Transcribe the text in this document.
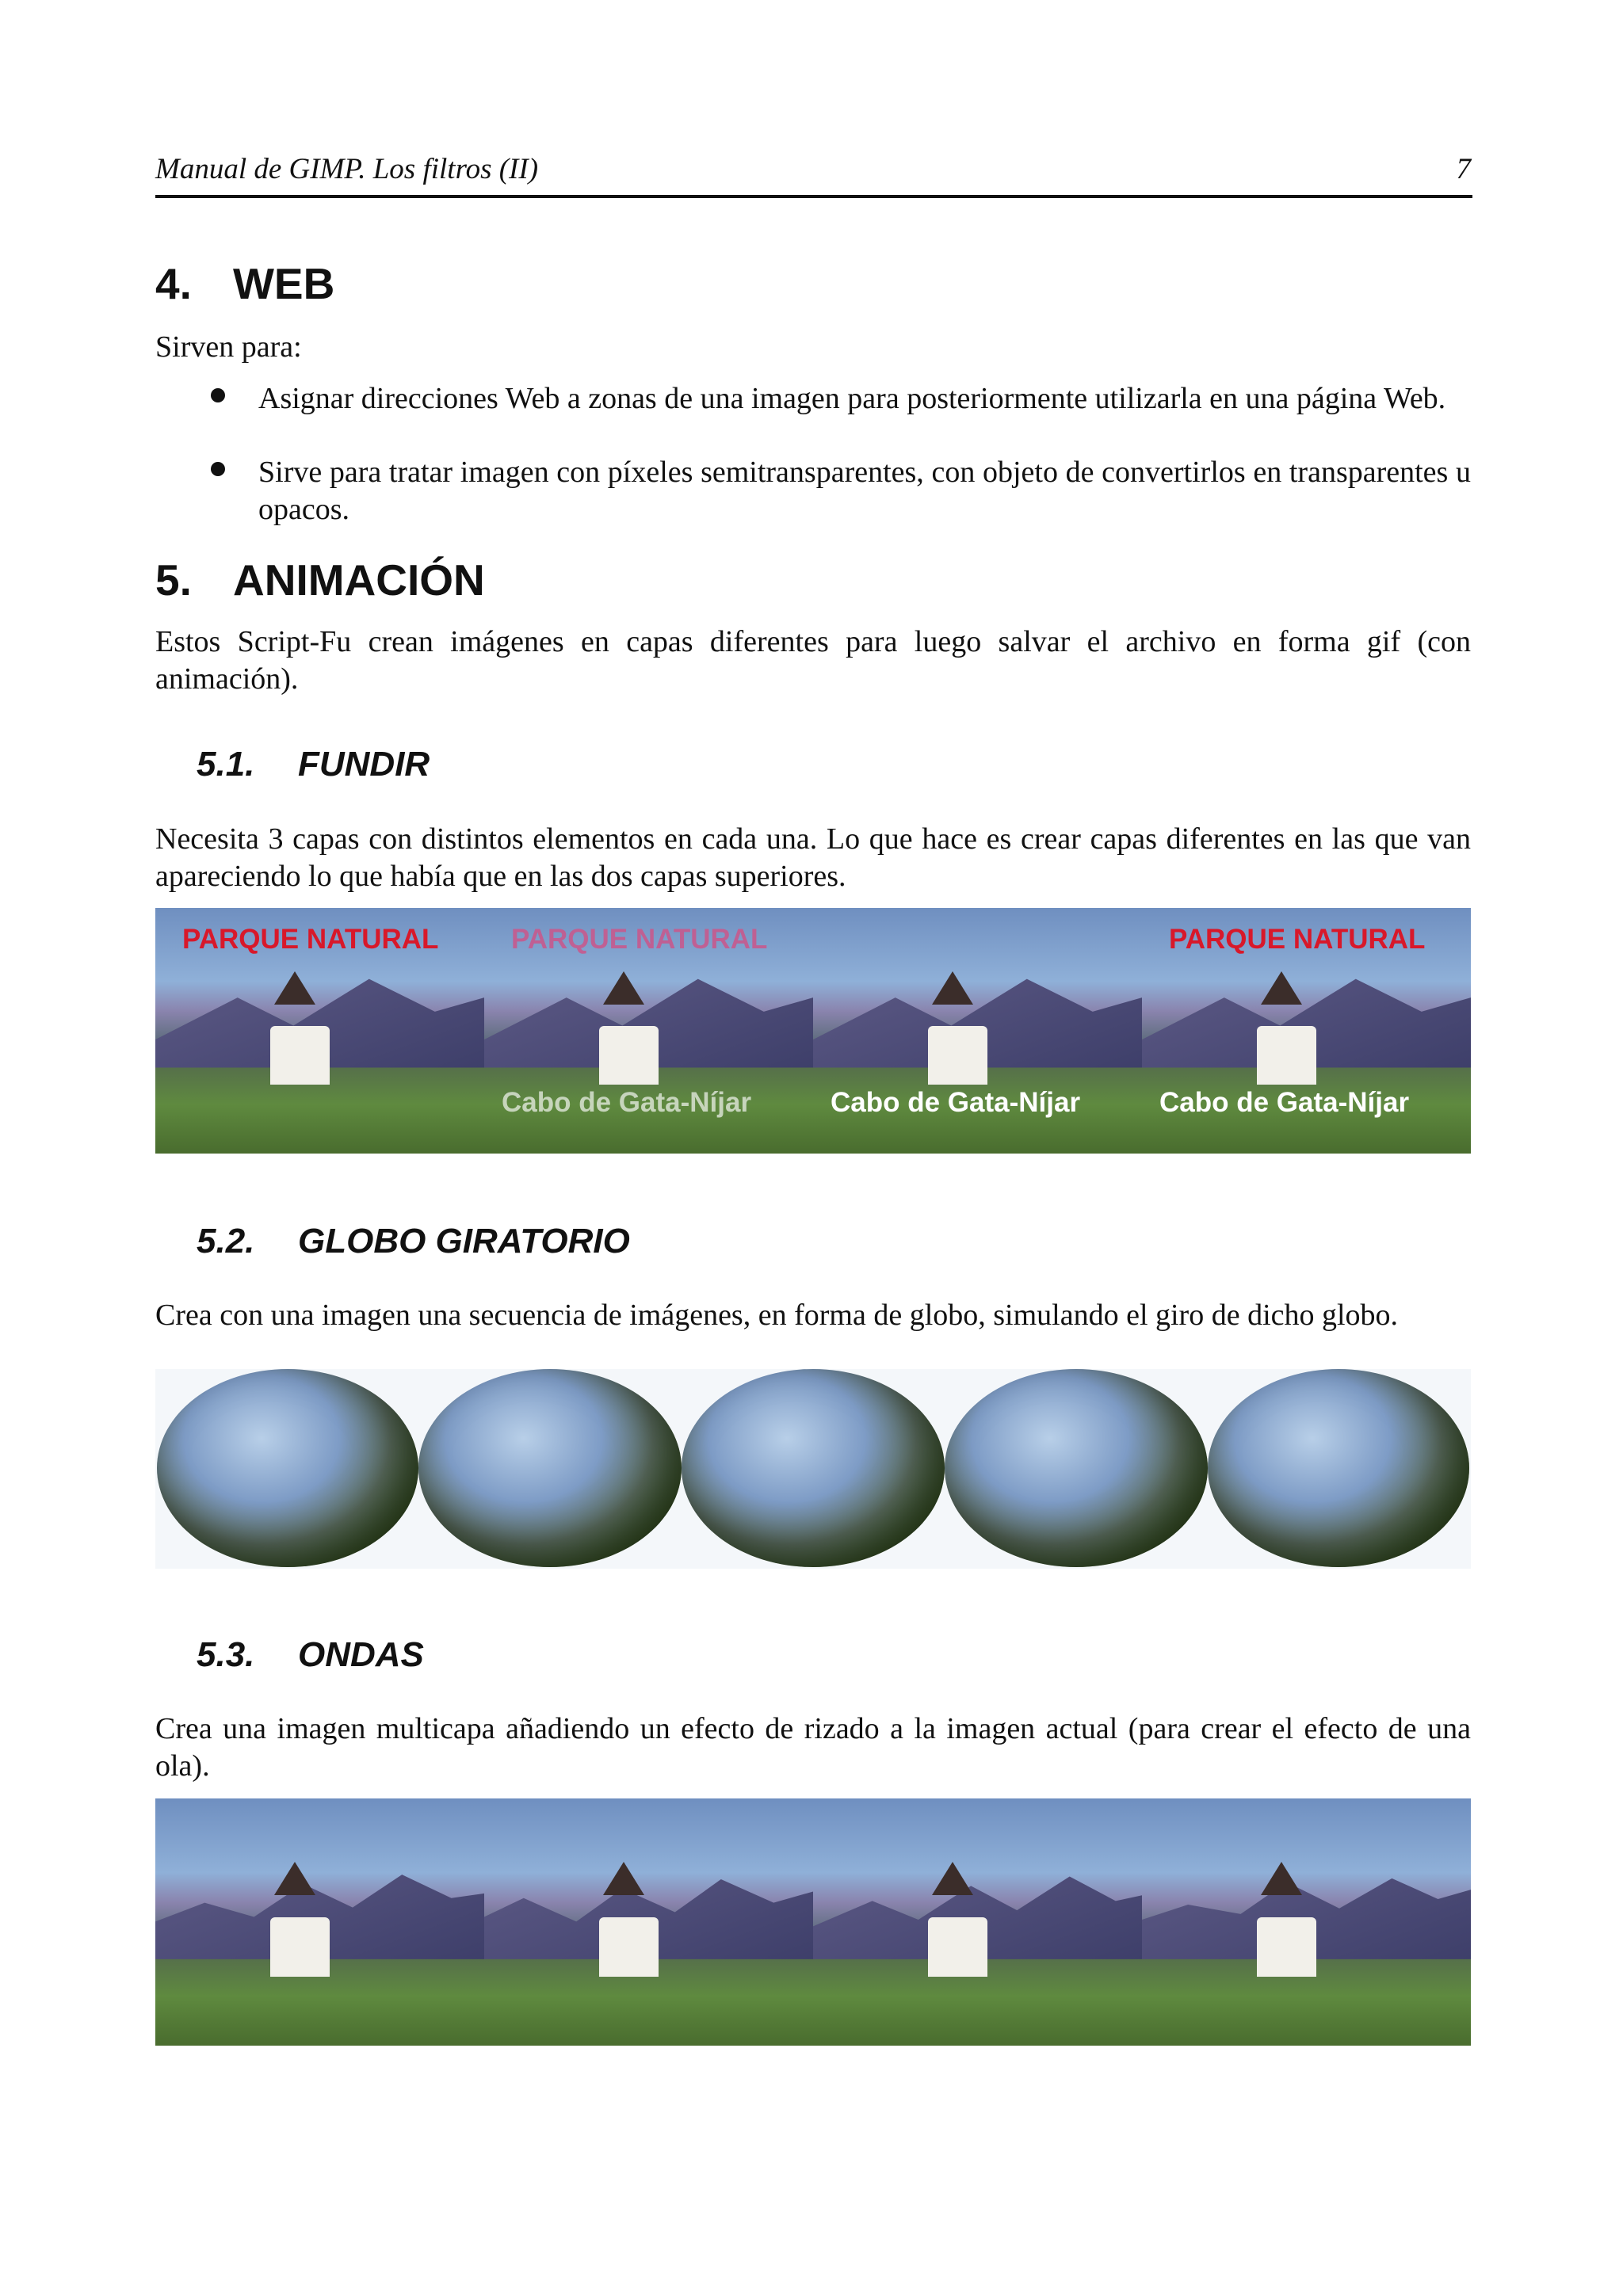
Manual de GIMP. Los filtros (II)	7
4. WEB
Sirven para:
Asignar direcciones Web a zonas de una imagen para posteriormente utilizarla en una página Web.
Sirve para tratar imagen con píxeles semitransparentes, con objeto de convertirlos en transparentes u opacos.
5. ANIMACIÓN
Estos Script-Fu crean imágenes en capas diferentes para luego salvar el archivo en forma gif (con animación).
5.1. FUNDIR
Necesita 3 capas con distintos elementos en cada una. Lo que hace es crear capas diferentes en las que van apareciendo lo que había que en las dos capas superiores.
PARQUE NATURAL	PARQUE NATURAL
Cabo de Gata-Níjar	Cabo de Gata-Níjar
PARQUE NATURAL
Cabo de Gata-Níjar
5.2. GLOBO GIRATORIO
Crea con una imagen una secuencia de imágenes, en forma de globo, simulando el giro de dicho globo.
5.3. ONDAS
Crea una imagen multicapa añadiendo un efecto de rizado a la imagen actual (para crear el efecto de una ola).
